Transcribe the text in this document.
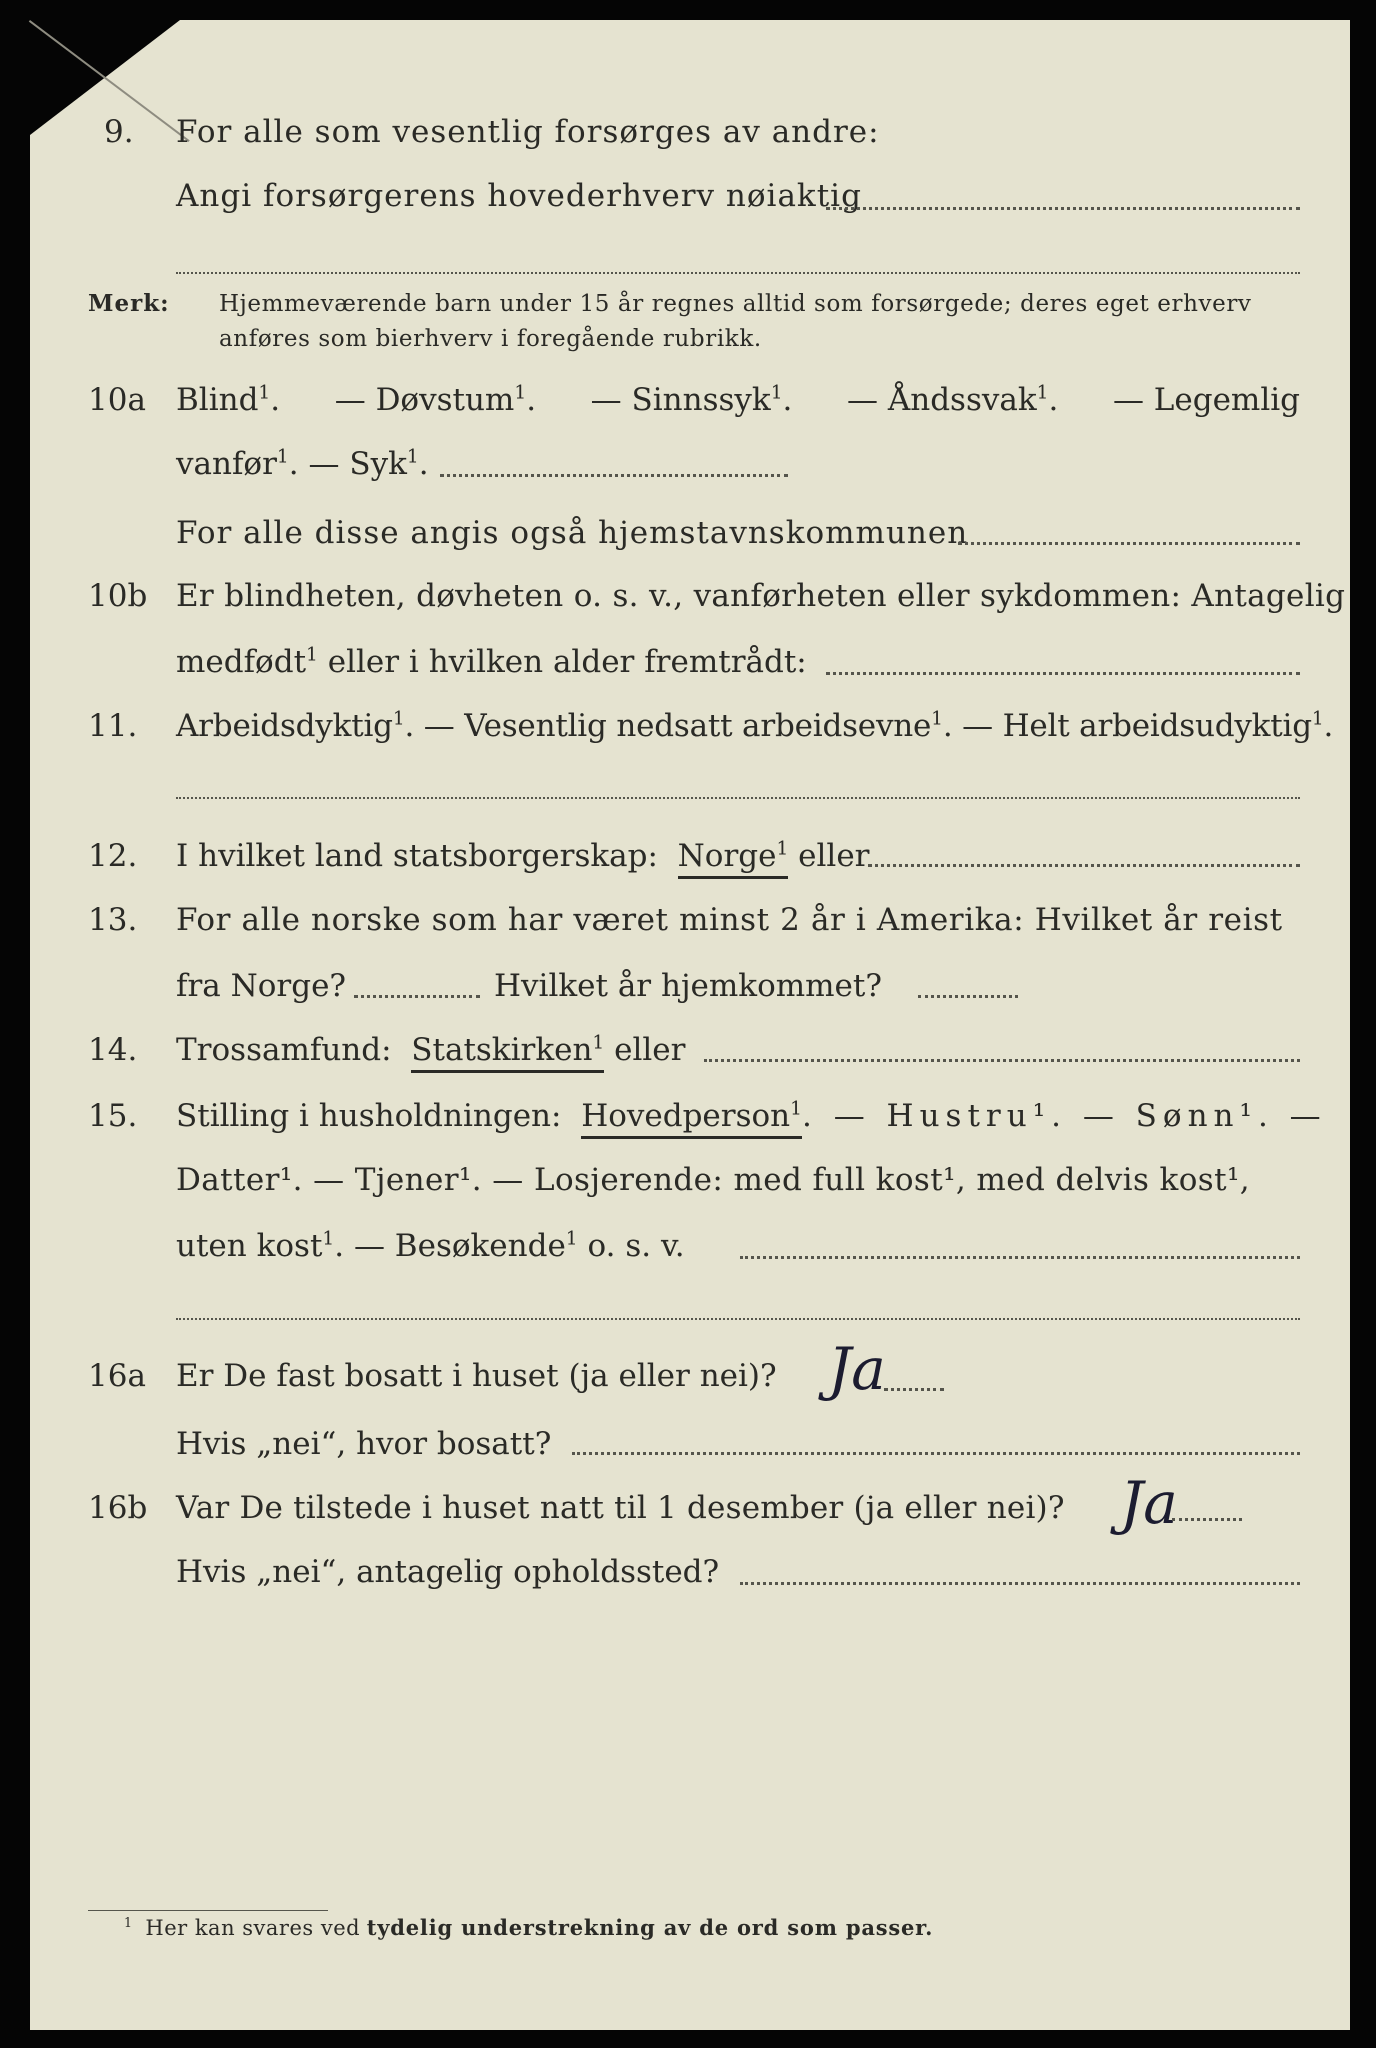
9. For alle som vesentlig forsørges av andre:
Angi forsørgerens hovederhverv nøiaktig
Merk: Hjemmeværende barn under 15 år regnes alltid som forsørgede; deres eget erhverv
anføres som bierhverv i foregående rubrikk.
10a Blind$^1$. — Døvstum$^1$. — Sinnssyk$^1$. — Åndssvak$^1$. — Legemlig
vanfør$^1$. — Syk$^1$.
For alle disse angis også hjemstavnskommunen
10b Er blindheten, døvheten o. s. v., vanførheten eller sykdommen: Antagelig
medfødt$^1$ eller i hvilken alder fremtrådt:
11. Arbeidsdyktig$^1$. — Vesentlig nedsatt arbeidsevne$^1$. — Helt arbeidsudyktig$^1$.
12. I hvilket land statsborgerskap: Norge$^1$ eller
13. For alle norske som har været minst 2 år i Amerika: Hvilket år reist
fra Norge?	Hvilket år hjemkommet?
14. Trossamfund: Statskirken$^1$ eller
15. Stilling i husholdningen: Hovedperson$^1$. — Hustru¹. — Sønn¹. —
Datter¹. — Tjener¹. — Losjerende: med full kost¹, med delvis kost¹,
uten kost$^1$. — Besøkende$^1$ o. s. v.
16a Er De fast bosatt i huset (ja eller nei)? Ja
Hvis „nei“, hvor bosatt?
16b Var De tilstede i huset natt til 1 desember (ja eller nei)? Ja
Hvis „nei“, antagelig opholdssted?
$^1$ Her kan svares ved tydelig understrekning av de ord som passer.
